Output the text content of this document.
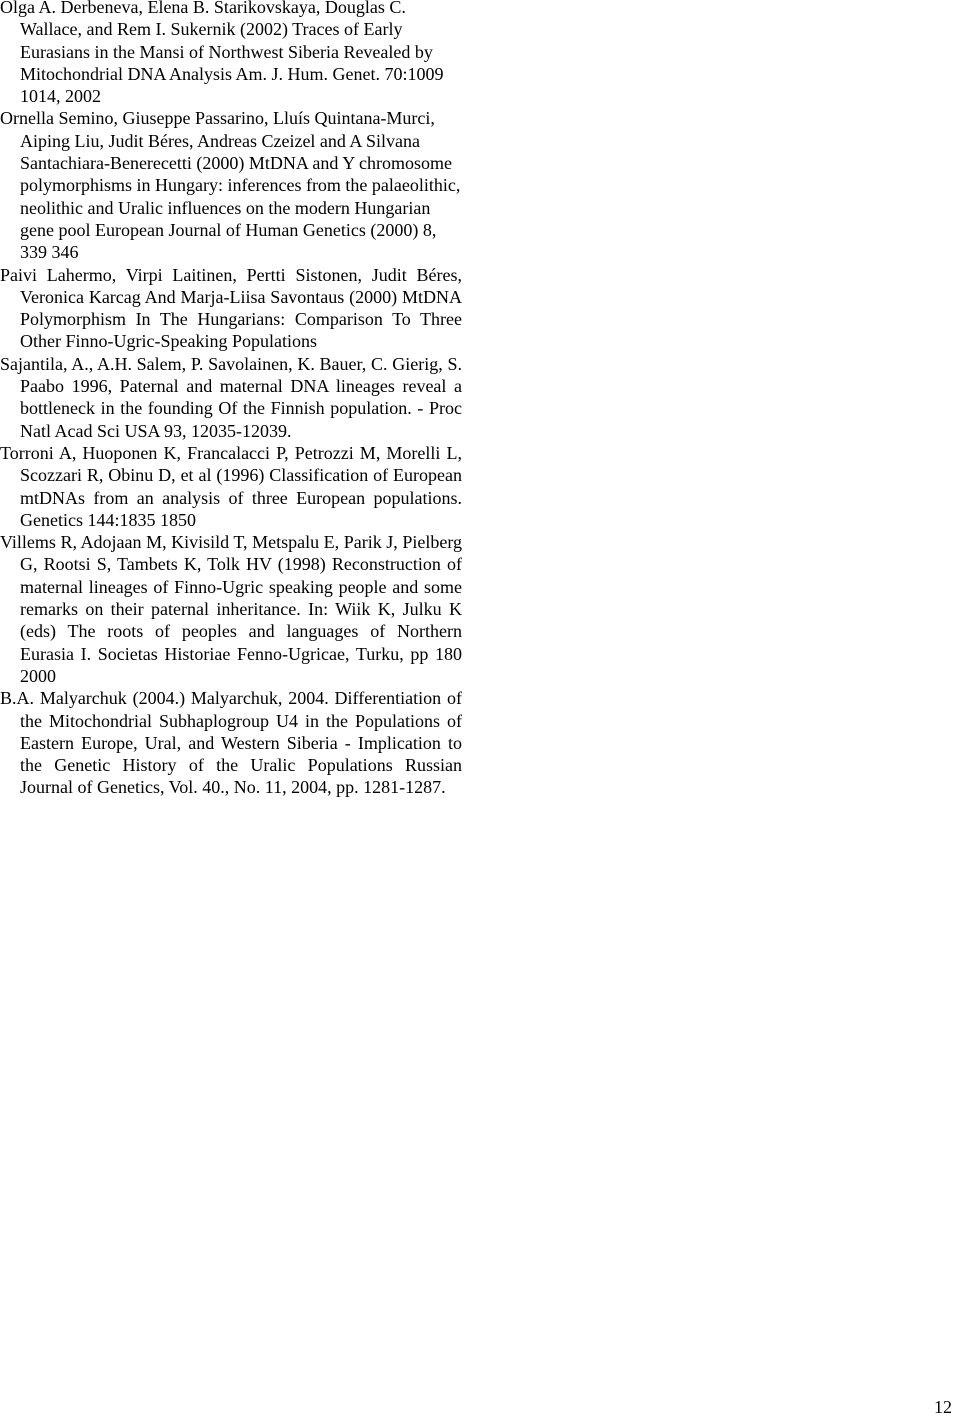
Olga A. Derbeneva, Elena B. Starikovskaya, Douglas C. Wallace, and Rem I. Sukernik (2002) Traces of Early Eurasians in the Mansi of Northwest Siberia Revealed by Mitochondrial DNA Analysis Am. J. Hum. Genet. 70:1009 1014, 2002

Ornella Semino, Giuseppe Passarino, Lluís Quintana-Murci, Aiping Liu, Judit Béres, Andreas Czeizel and A Silvana Santachiara-Benerecetti (2000) MtDNA and Y chromosome polymorphisms in Hungary: inferences from the palaeolithic, neolithic and Uralic influences on the modern Hungarian gene pool European Journal of Human Genetics (2000) 8, 339 346

Paivi Lahermo, Virpi Laitinen, Pertti Sistonen, Judit Béres, Veronica Karcag And Marja-Liisa Savontaus (2000) MtDNA Polymorphism In The Hungarians: Comparison To Three Other Finno-Ugric-Speaking Populations

Sajantila, A., A.H. Salem, P. Savolainen, K. Bauer, C. Gierig, S. Paabo 1996, Paternal and maternal DNA lineages reveal a bottleneck in the founding Of the Finnish population. - Proc Natl Acad Sci USA 93, 12035-12039.

Torroni A, Huoponen K, Francalacci P, Petrozzi M, Morelli L, Scozzari R, Obinu D, et al (1996) Classification of European mtDNAs from an analysis of three European populations. Genetics 144:1835 1850

Villems R, Adojaan M, Kivisild T, Metspalu E, Parik J, Pielberg G, Rootsi S, Tambets K, Tolk HV (1998) Reconstruction of maternal lineages of Finno-Ugric speaking people and some remarks on their paternal inheritance. In: Wiik K, Julku K (eds) The roots of peoples and languages of Northern Eurasia I. Societas Historiae Fenno-Ugricae, Turku, pp 180 2000

B.A. Malyarchuk (2004.) Malyarchuk, 2004. Differentiation of the Mitochondrial Subhaplogroup U4 in the Populations of Eastern Europe, Ural, and Western Siberia - Implication to the Genetic History of the Uralic Populations Russian Journal of Genetics, Vol. 40., No. 11, 2004, pp. 1281-1287.

12
